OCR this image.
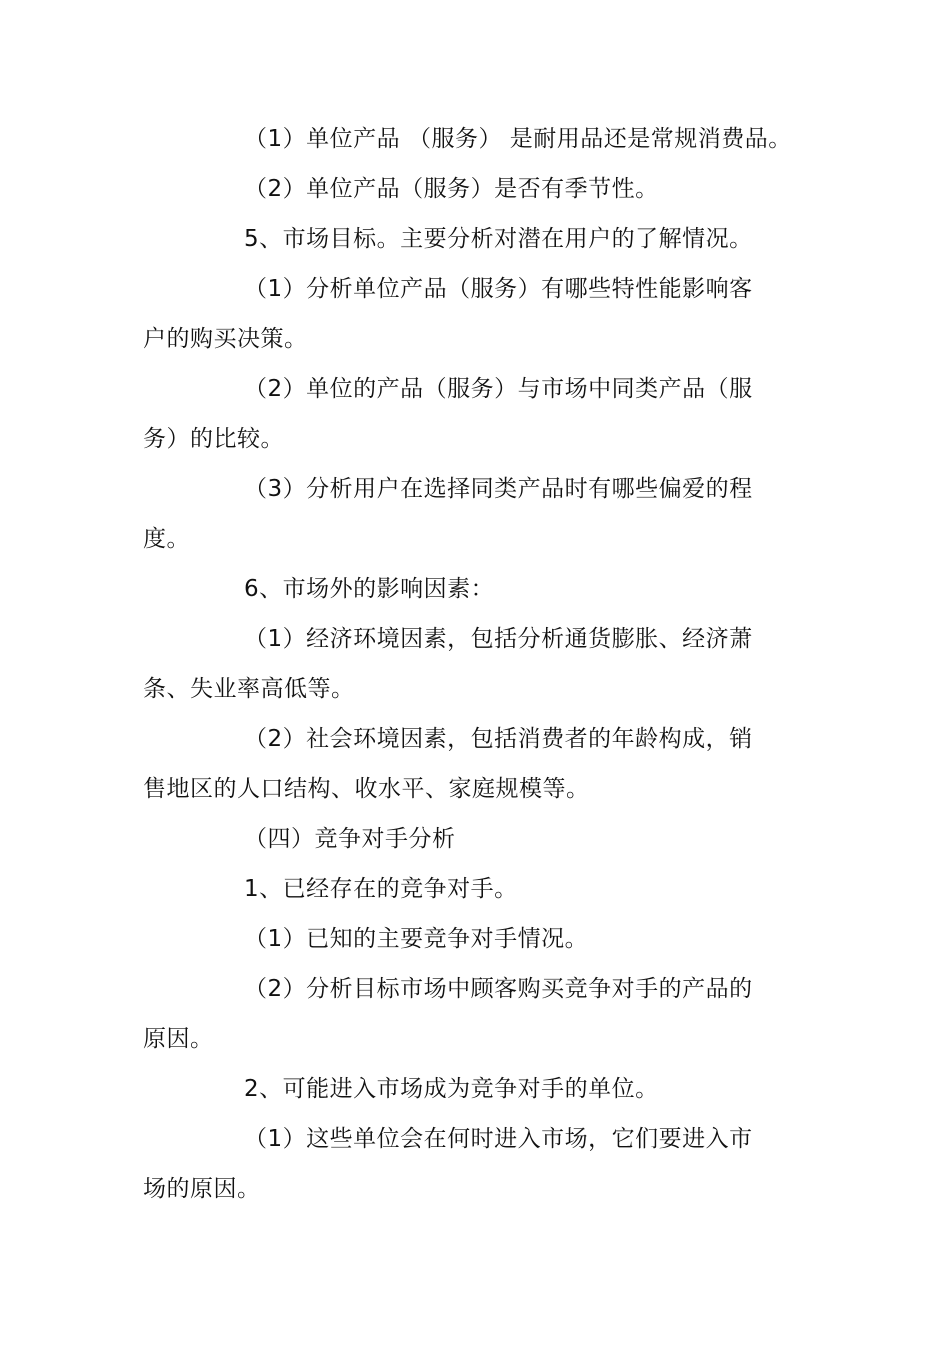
（1）单位产品 （服务） 是耐用品还是常规消费品。
（2）单位产品（服务）是否有季节性。
5、市场目标。主要分析对潜在用户的了解情况。
（1）分析单位产品（服务）有哪些特性能影响客
户的购买决策。
（2）单位的产品（服务）与市场中同类产品（服
务）的比较。
（3）分析用户在选择同类产品时有哪些偏爱的程
度。
6、市场外的影响因素：
（1）经济环境因素，包括分析通货膨胀、经济萧
条、失业率高低等。
（2）社会环境因素，包括消费者的年龄构成，销
售地区的人口结构、收水平、家庭规模等。
（四）竞争对手分析
1、已经存在的竞争对手。
（1）已知的主要竞争对手情况。
（2）分析目标市场中顾客购买竞争对手的产品的
原因。
2、可能进入市场成为竞争对手的单位。
（1）这些单位会在何时进入市场，它们要进入市
场的原因。
